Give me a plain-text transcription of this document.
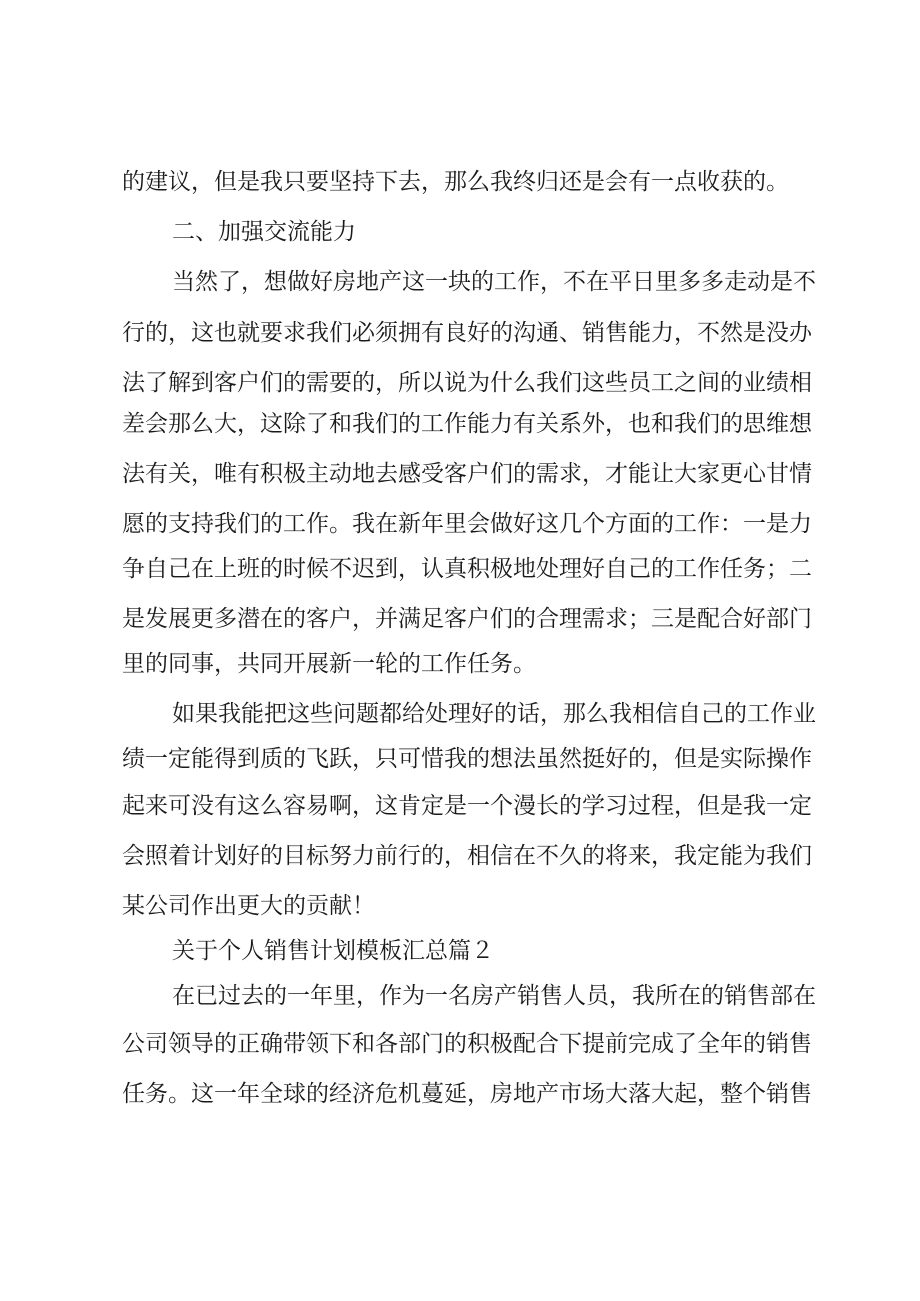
的建议，但是我只要坚持下去，那么我终归还是会有一点收获的。
二、加强交流能力
当然了，想做好房地产这一块的工作，不在平日里多多走动是不
行的，这也就要求我们必须拥有良好的沟通、销售能力，不然是没办
法了解到客户们的需要的，所以说为什么我们这些员工之间的业绩相
差会那么大，这除了和我们的工作能力有关系外，也和我们的思维想
法有关，唯有积极主动地去感受客户们的需求，才能让大家更心甘情
愿的支持我们的工作。我在新年里会做好这几个方面的工作：一是力
争自己在上班的时候不迟到，认真积极地处理好自己的工作任务；二
是发展更多潜在的客户，并满足客户们的合理需求；三是配合好部门
里的同事，共同开展新一轮的工作任务。
如果我能把这些问题都给处理好的话，那么我相信自己的工作业
绩一定能得到质的飞跃，只可惜我的想法虽然挺好的，但是实际操作
起来可没有这么容易啊，这肯定是一个漫长的学习过程，但是我一定
会照着计划好的目标努力前行的，相信在不久的将来，我定能为我们
某公司作出更大的贡献！
关于个人销售计划模板汇总篇２
在已过去的一年里，作为一名房产销售人员，我所在的销售部在
公司领导的正确带领下和各部门的积极配合下提前完成了全年的销售
任务。这一年全球的经济危机蔓延，房地产市场大落大起，整个销售
